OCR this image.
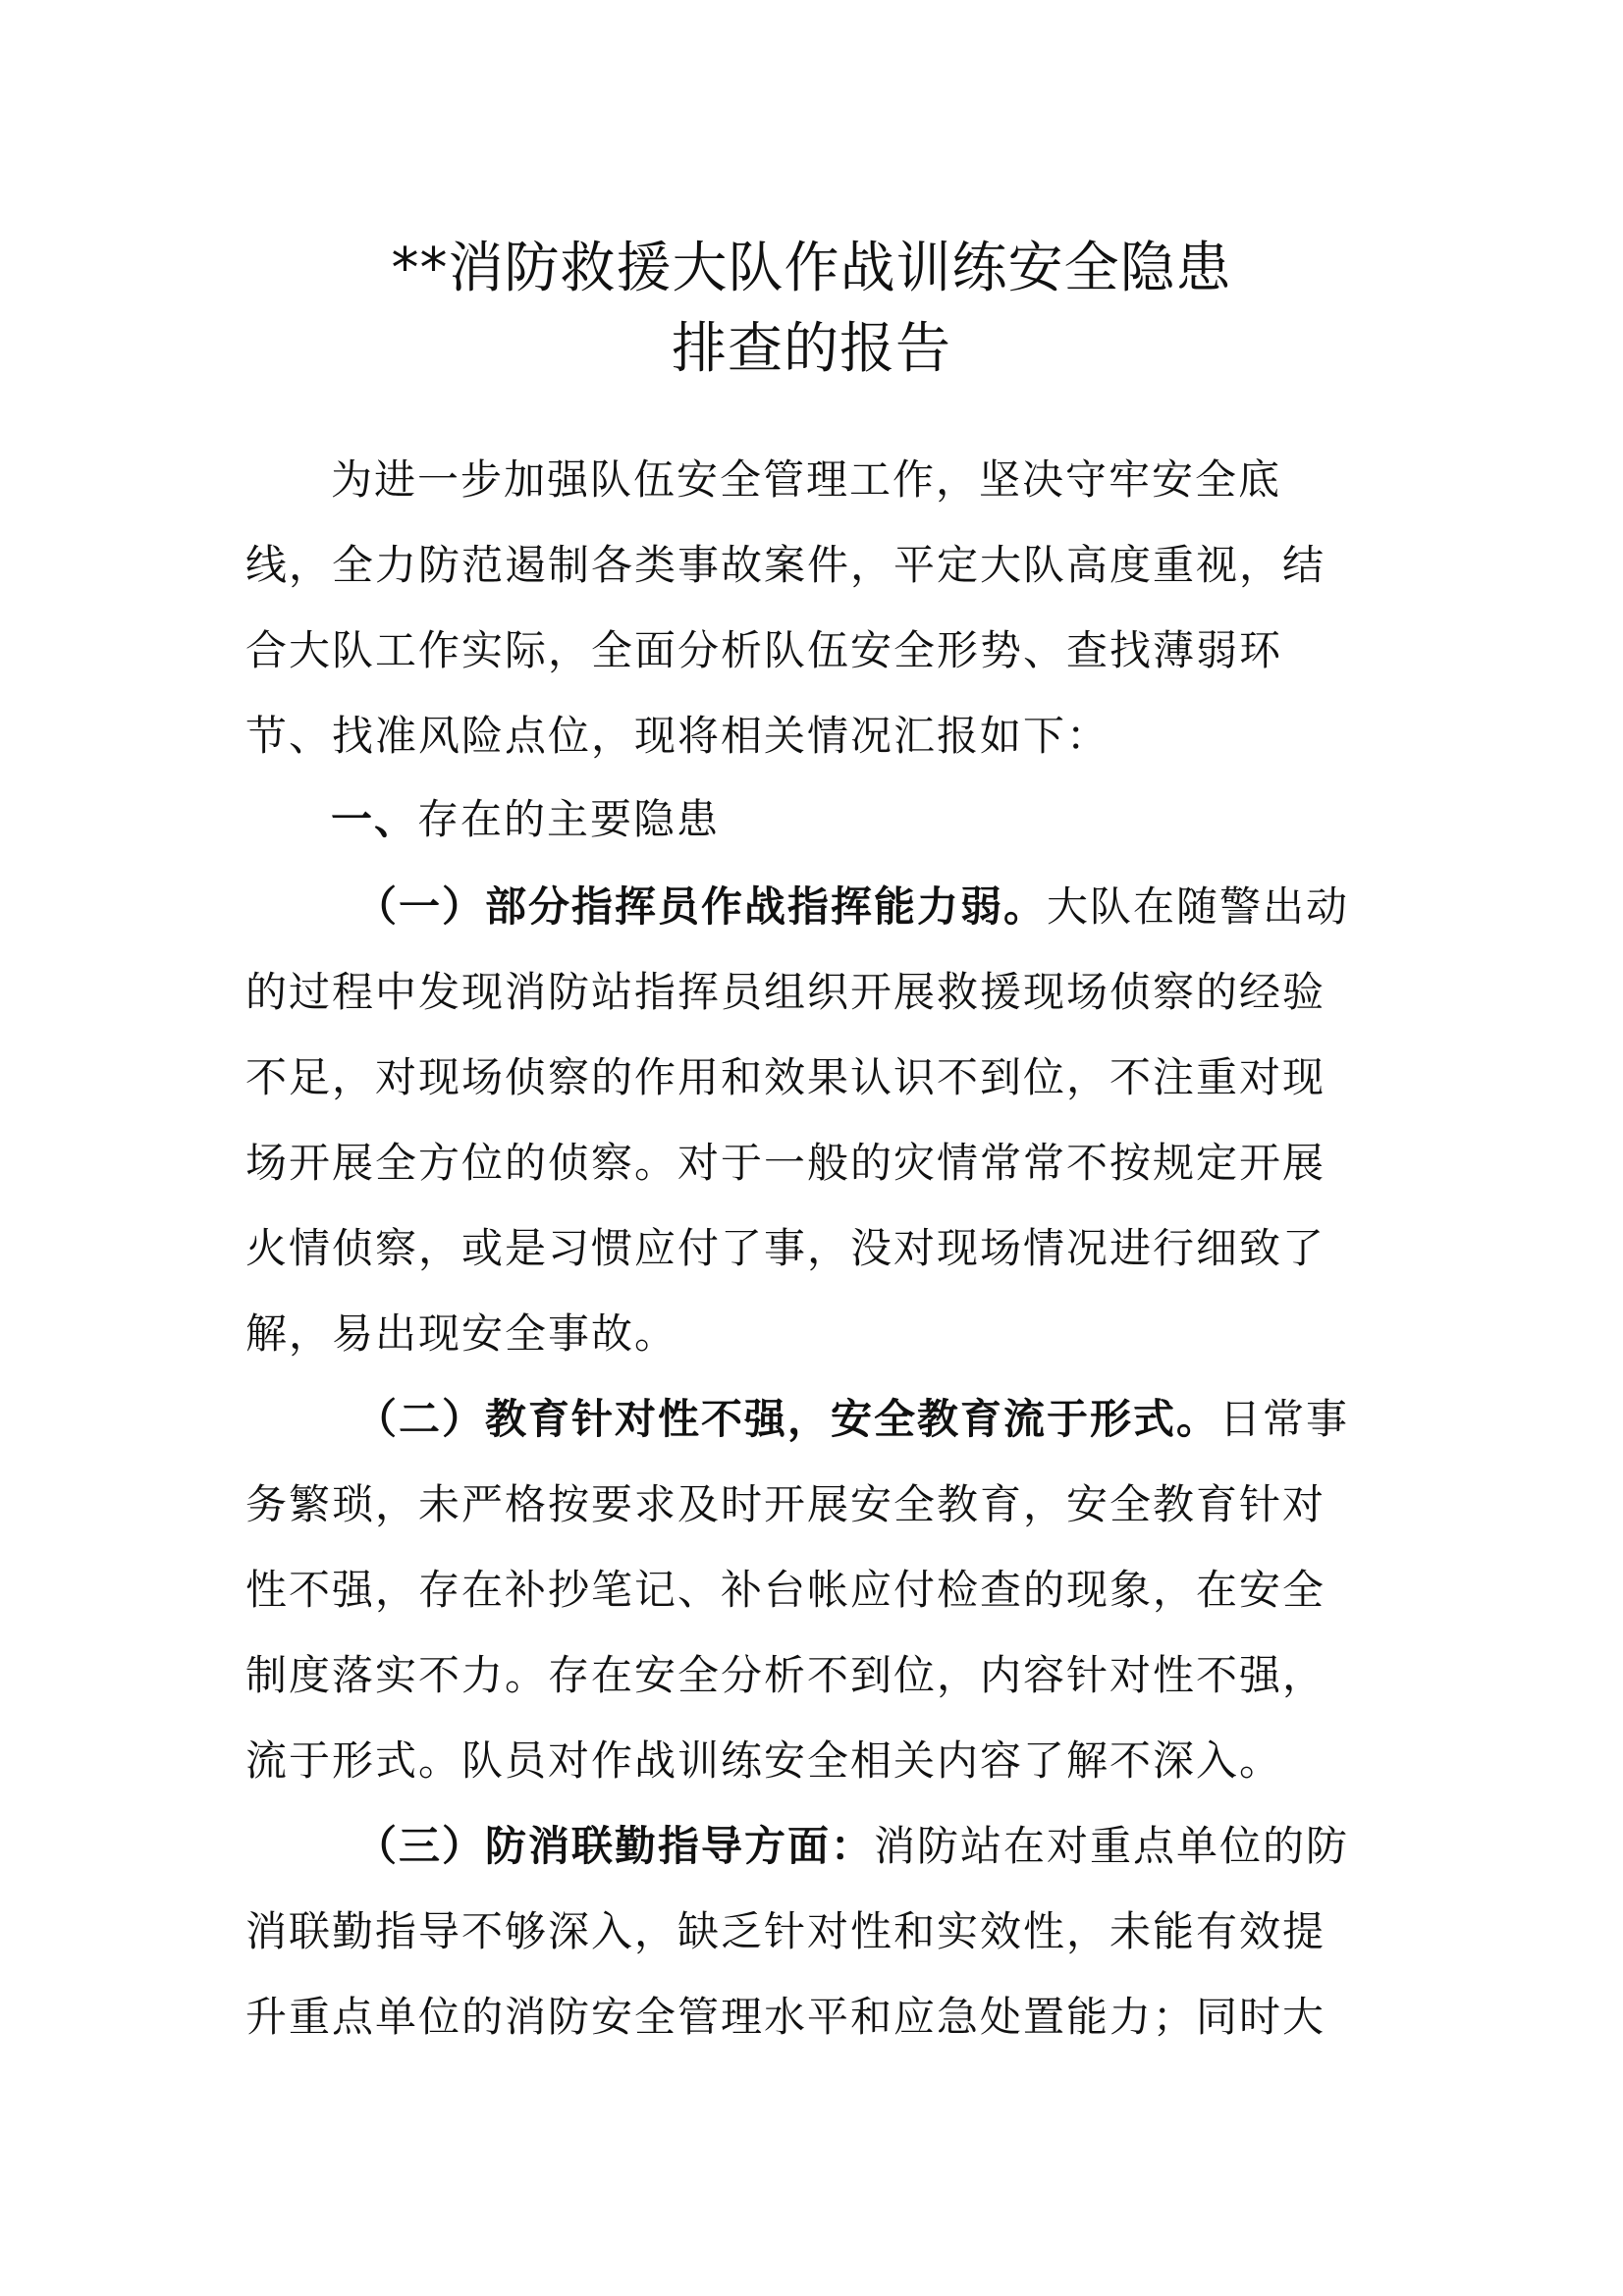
**消防救援大队作战训练安全隐患
排查的报告
为进一步加强队伍安全管理工作，坚决守牢安全底
线，全力防范遏制各类事故案件，平定大队高度重视，结
合大队工作实际，全面分析队伍安全形势、查找薄弱环
节、找准风险点位，现将相关情况汇报如下：
一、存在的主要隐患
（一）部分指挥员作战指挥能力弱。大队在随警出动
的过程中发现消防站指挥员组织开展救援现场侦察的经验
不足，对现场侦察的作用和效果认识不到位，不注重对现
场开展全方位的侦察。对于一般的灾情常常不按规定开展
火情侦察，或是习惯应付了事，没对现场情况进行细致了
解，易出现安全事故。
（二）教育针对性不强，安全教育流于形式。日常事
务繁琐，未严格按要求及时开展安全教育，安全教育针对
性不强，存在补抄笔记、补台帐应付检查的现象，在安全
制度落实不力。存在安全分析不到位，内容针对性不强，
流于形式。队员对作战训练安全相关内容了解不深入。
（三）防消联勤指导方面：消防站在对重点单位的防
消联勤指导不够深入，缺乏针对性和实效性，未能有效提
升重点单位的消防安全管理水平和应急处置能力；同时大
